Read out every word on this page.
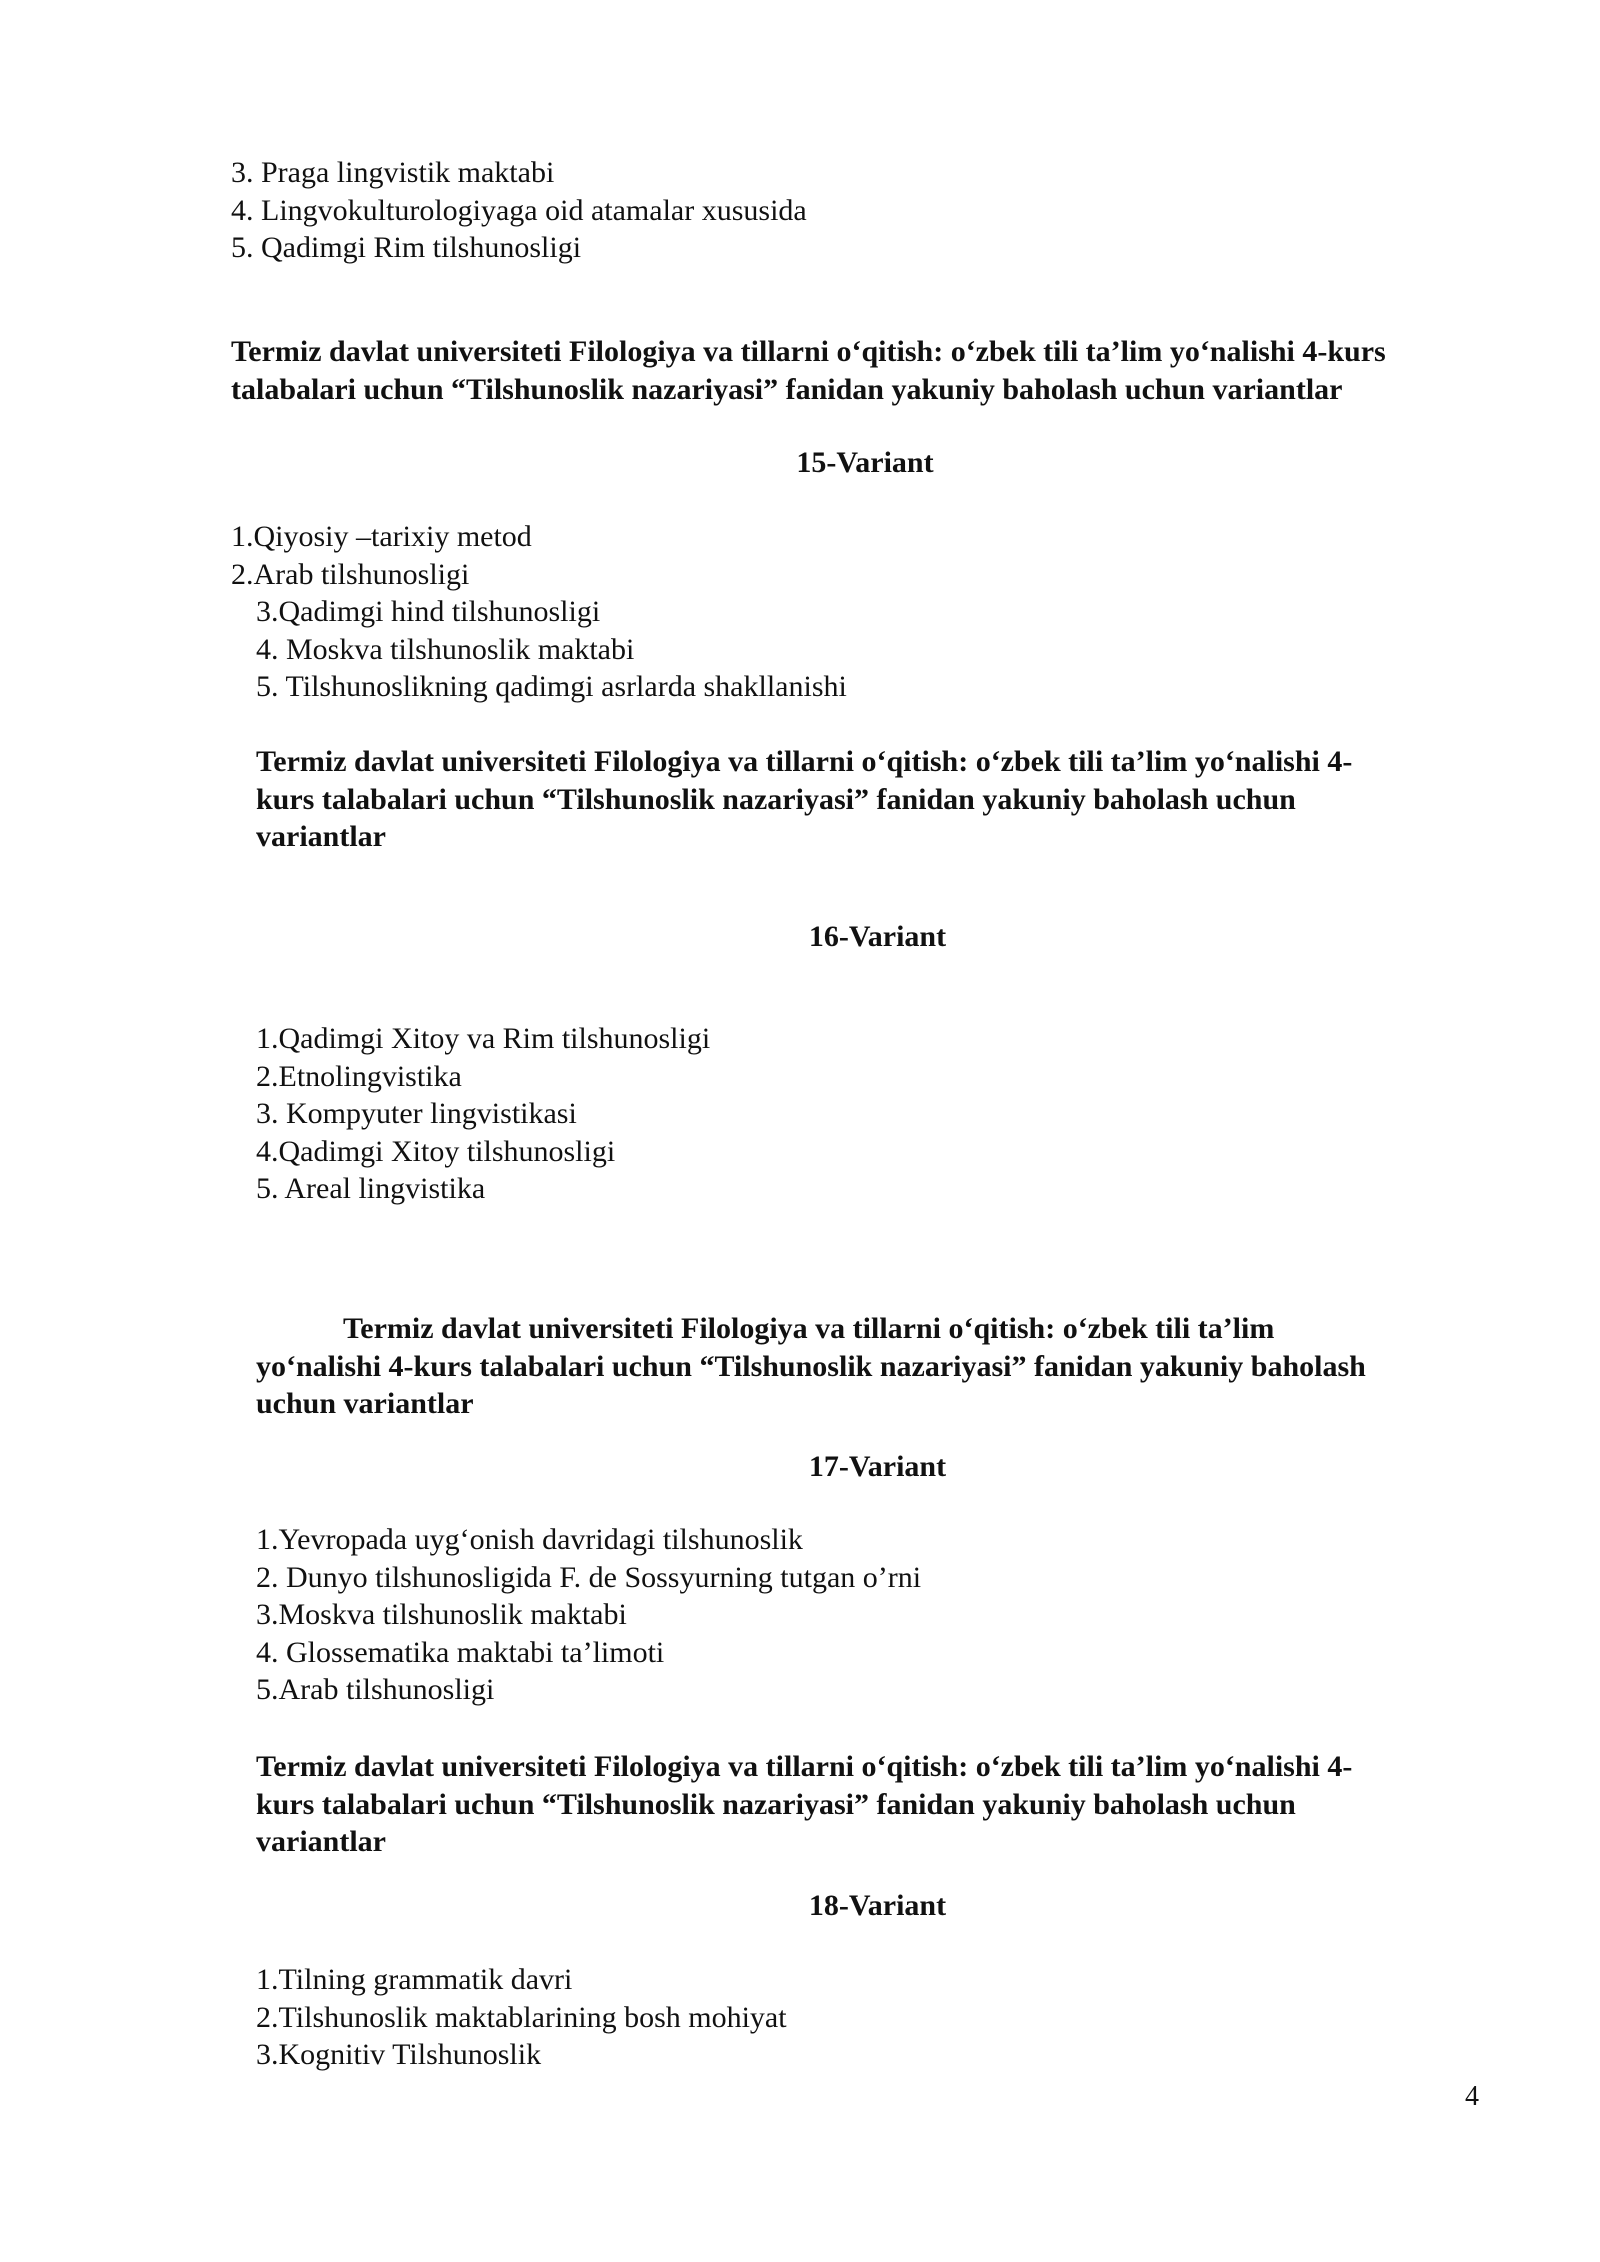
3. Praga lingvistik maktabi
4. Lingvokulturologiyaga oid atamalar xususida
5. Qadimgi Rim tilshunosligi
Termiz davlat universiteti Filologiya va tillarni o‘qitish: o‘zbek tili ta’lim yo‘nalishi 4-kurs
talabalari uchun “Tilshunoslik nazariyasi” fanidan yakuniy baholash uchun variantlar
15-Variant
1.Qiyosiy –tarixiy metod
2.Arab tilshunosligi
3.Qadimgi hind tilshunosligi
4. Moskva tilshunoslik maktabi
5. Tilshunoslikning qadimgi asrlarda shakllanishi
Termiz davlat universiteti Filologiya va tillarni o‘qitish: o‘zbek tili ta’lim yo‘nalishi 4-
kurs talabalari uchun “Tilshunoslik nazariyasi” fanidan yakuniy baholash uchun
variantlar
16-Variant
1.Qadimgi Xitoy va Rim tilshunosligi
2.Etnolingvistika
3. Kompyuter lingvistikasi
4.Qadimgi Xitoy tilshunosligi
5. Areal lingvistika
Termiz davlat universiteti Filologiya va tillarni o‘qitish: o‘zbek tili ta’lim
yo‘nalishi 4-kurs talabalari uchun “Tilshunoslik nazariyasi” fanidan yakuniy baholash
uchun variantlar
17-Variant
1.Yevropada uyg‘onish davridagi tilshunoslik
2. Dunyo tilshunosligida F. de Sossyurning tutgan o’rni
3.Moskva tilshunoslik maktabi
4. Glossematika maktabi ta’limoti
5.Arab tilshunosligi
Termiz davlat universiteti Filologiya va tillarni o‘qitish: o‘zbek tili ta’lim yo‘nalishi 4-
kurs talabalari uchun “Tilshunoslik nazariyasi” fanidan yakuniy baholash uchun
variantlar
18-Variant
1.Tilning grammatik davri
2.Tilshunoslik maktablarining bosh mohiyat
3.Kognitiv Tilshunoslik
4
